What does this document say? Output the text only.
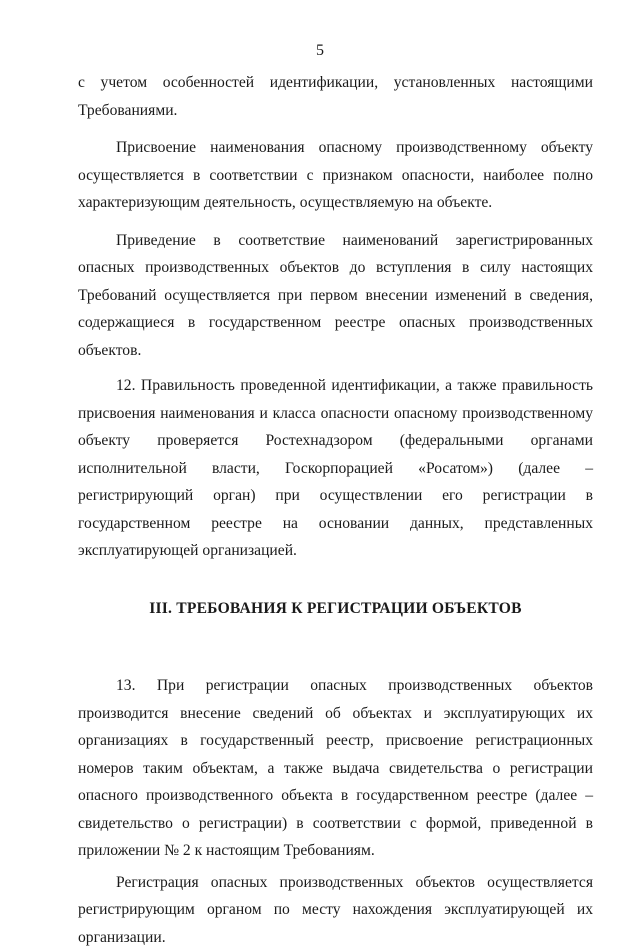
5

с учетом особенностей идентификации, установленных настоящими Требованиями.

Присвоение наименования опасному производственному объекту осуществляется в соответствии с признаком опасности, наиболее полно характеризующим деятельность, осуществляемую на объекте.

Приведение в соответствие наименований зарегистрированных опасных производственных объектов до вступления в силу настоящих Требований осуществляется при первом внесении изменений в сведения, содержащиеся в государственном реестре опасных производственных объектов.

12. Правильность проведенной идентификации, а также правильность присвоения наименования и класса опасности опасному производственному объекту проверяется Ростехнадзором (федеральными органами исполнительной власти, Госкорпорацией «Росатом») (далее – регистрирующий орган) при осуществлении его регистрации в государственном реестре на основании данных, представленных эксплуатирующей организацией.

III. ТРЕБОВАНИЯ К РЕГИСТРАЦИИ ОБЪЕКТОВ

13. При регистрации опасных производственных объектов производится внесение сведений об объектах и эксплуатирующих их организациях в государственный реестр, присвоение регистрационных номеров таким объектам, а также выдача свидетельства о регистрации опасного производственного объекта в государственном реестре (далее – свидетельство о регистрации) в соответствии с формой, приведенной в приложении № 2 к настоящим Требованиям.

Регистрация опасных производственных объектов осуществляется регистрирующим органом по месту нахождения эксплуатирующей их организации.
